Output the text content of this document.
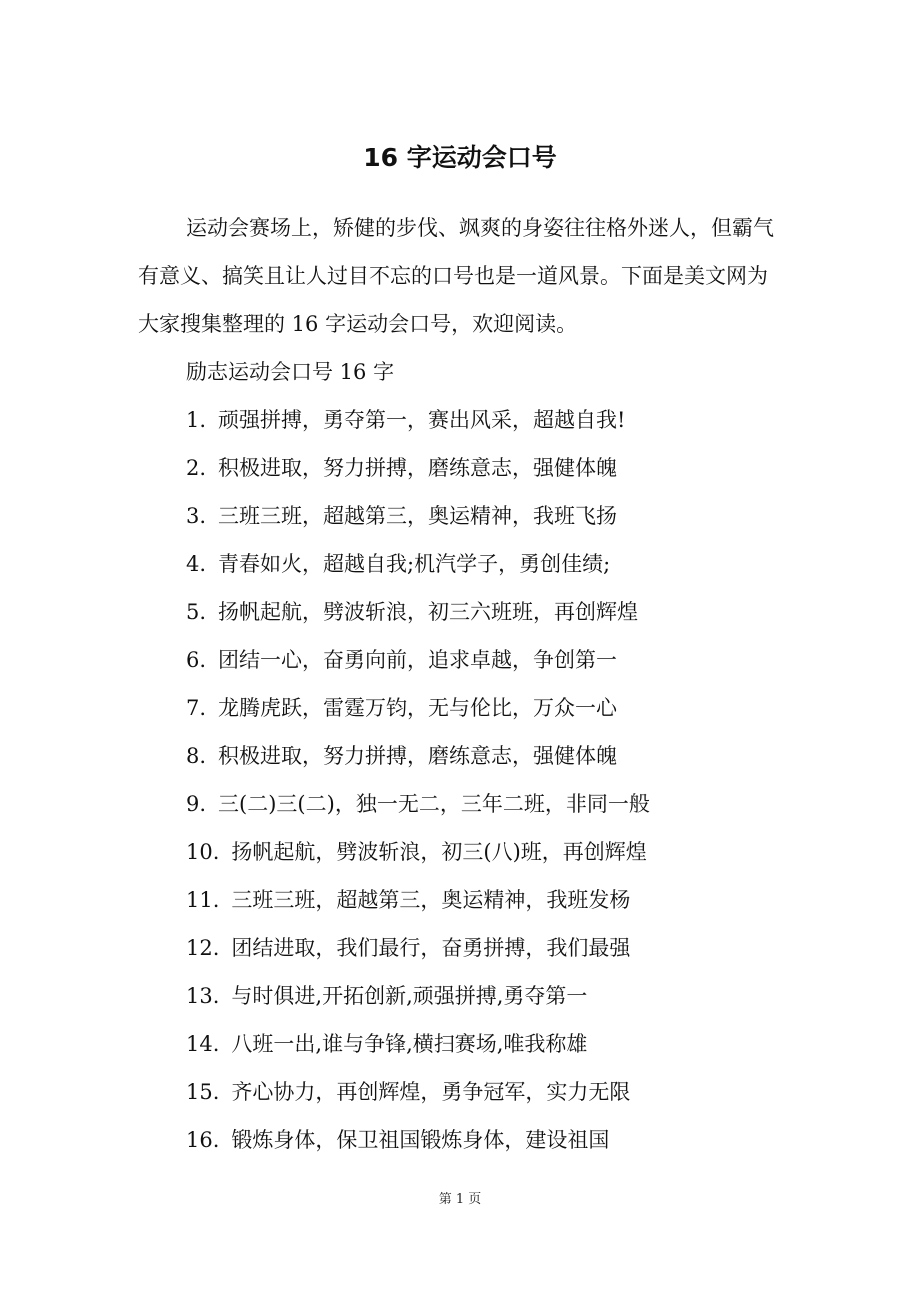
16 字运动会口号

运动会赛场上，矫健的步伐、飒爽的身姿往往格外迷人，但霸气有意义、搞笑且让人过目不忘的口号也是一道风景。下面是美文网为大家搜集整理的 16 字运动会口号，欢迎阅读。

励志运动会口号 16 字

1. 顽强拼搏，勇夺第一，赛出风采，超越自我!
2. 积极进取，努力拼搏，磨练意志，强健体魄
3. 三班三班，超越第三，奥运精神，我班飞扬
4. 青春如火，超越自我;机汽学子，勇创佳绩;
5. 扬帆起航，劈波斩浪，初三六班班，再创辉煌
6. 团结一心，奋勇向前，追求卓越，争创第一
7. 龙腾虎跃，雷霆万钧，无与伦比，万众一心
8. 积极进取，努力拼搏，磨练意志，强健体魄
9. 三(二)三(二)，独一无二，三年二班，非同一般
10. 扬帆起航，劈波斩浪，初三(八)班，再创辉煌
11. 三班三班，超越第三，奥运精神，我班发杨
12. 团结进取，我们最行，奋勇拼搏，我们最强
13. 与时俱进,开拓创新,顽强拼搏,勇夺第一
14. 八班一出,谁与争锋,横扫赛场,唯我称雄
15. 齐心协力，再创辉煌，勇争冠军，实力无限
16. 锻炼身体，保卫祖国锻炼身体，建设祖国
第 1 页
